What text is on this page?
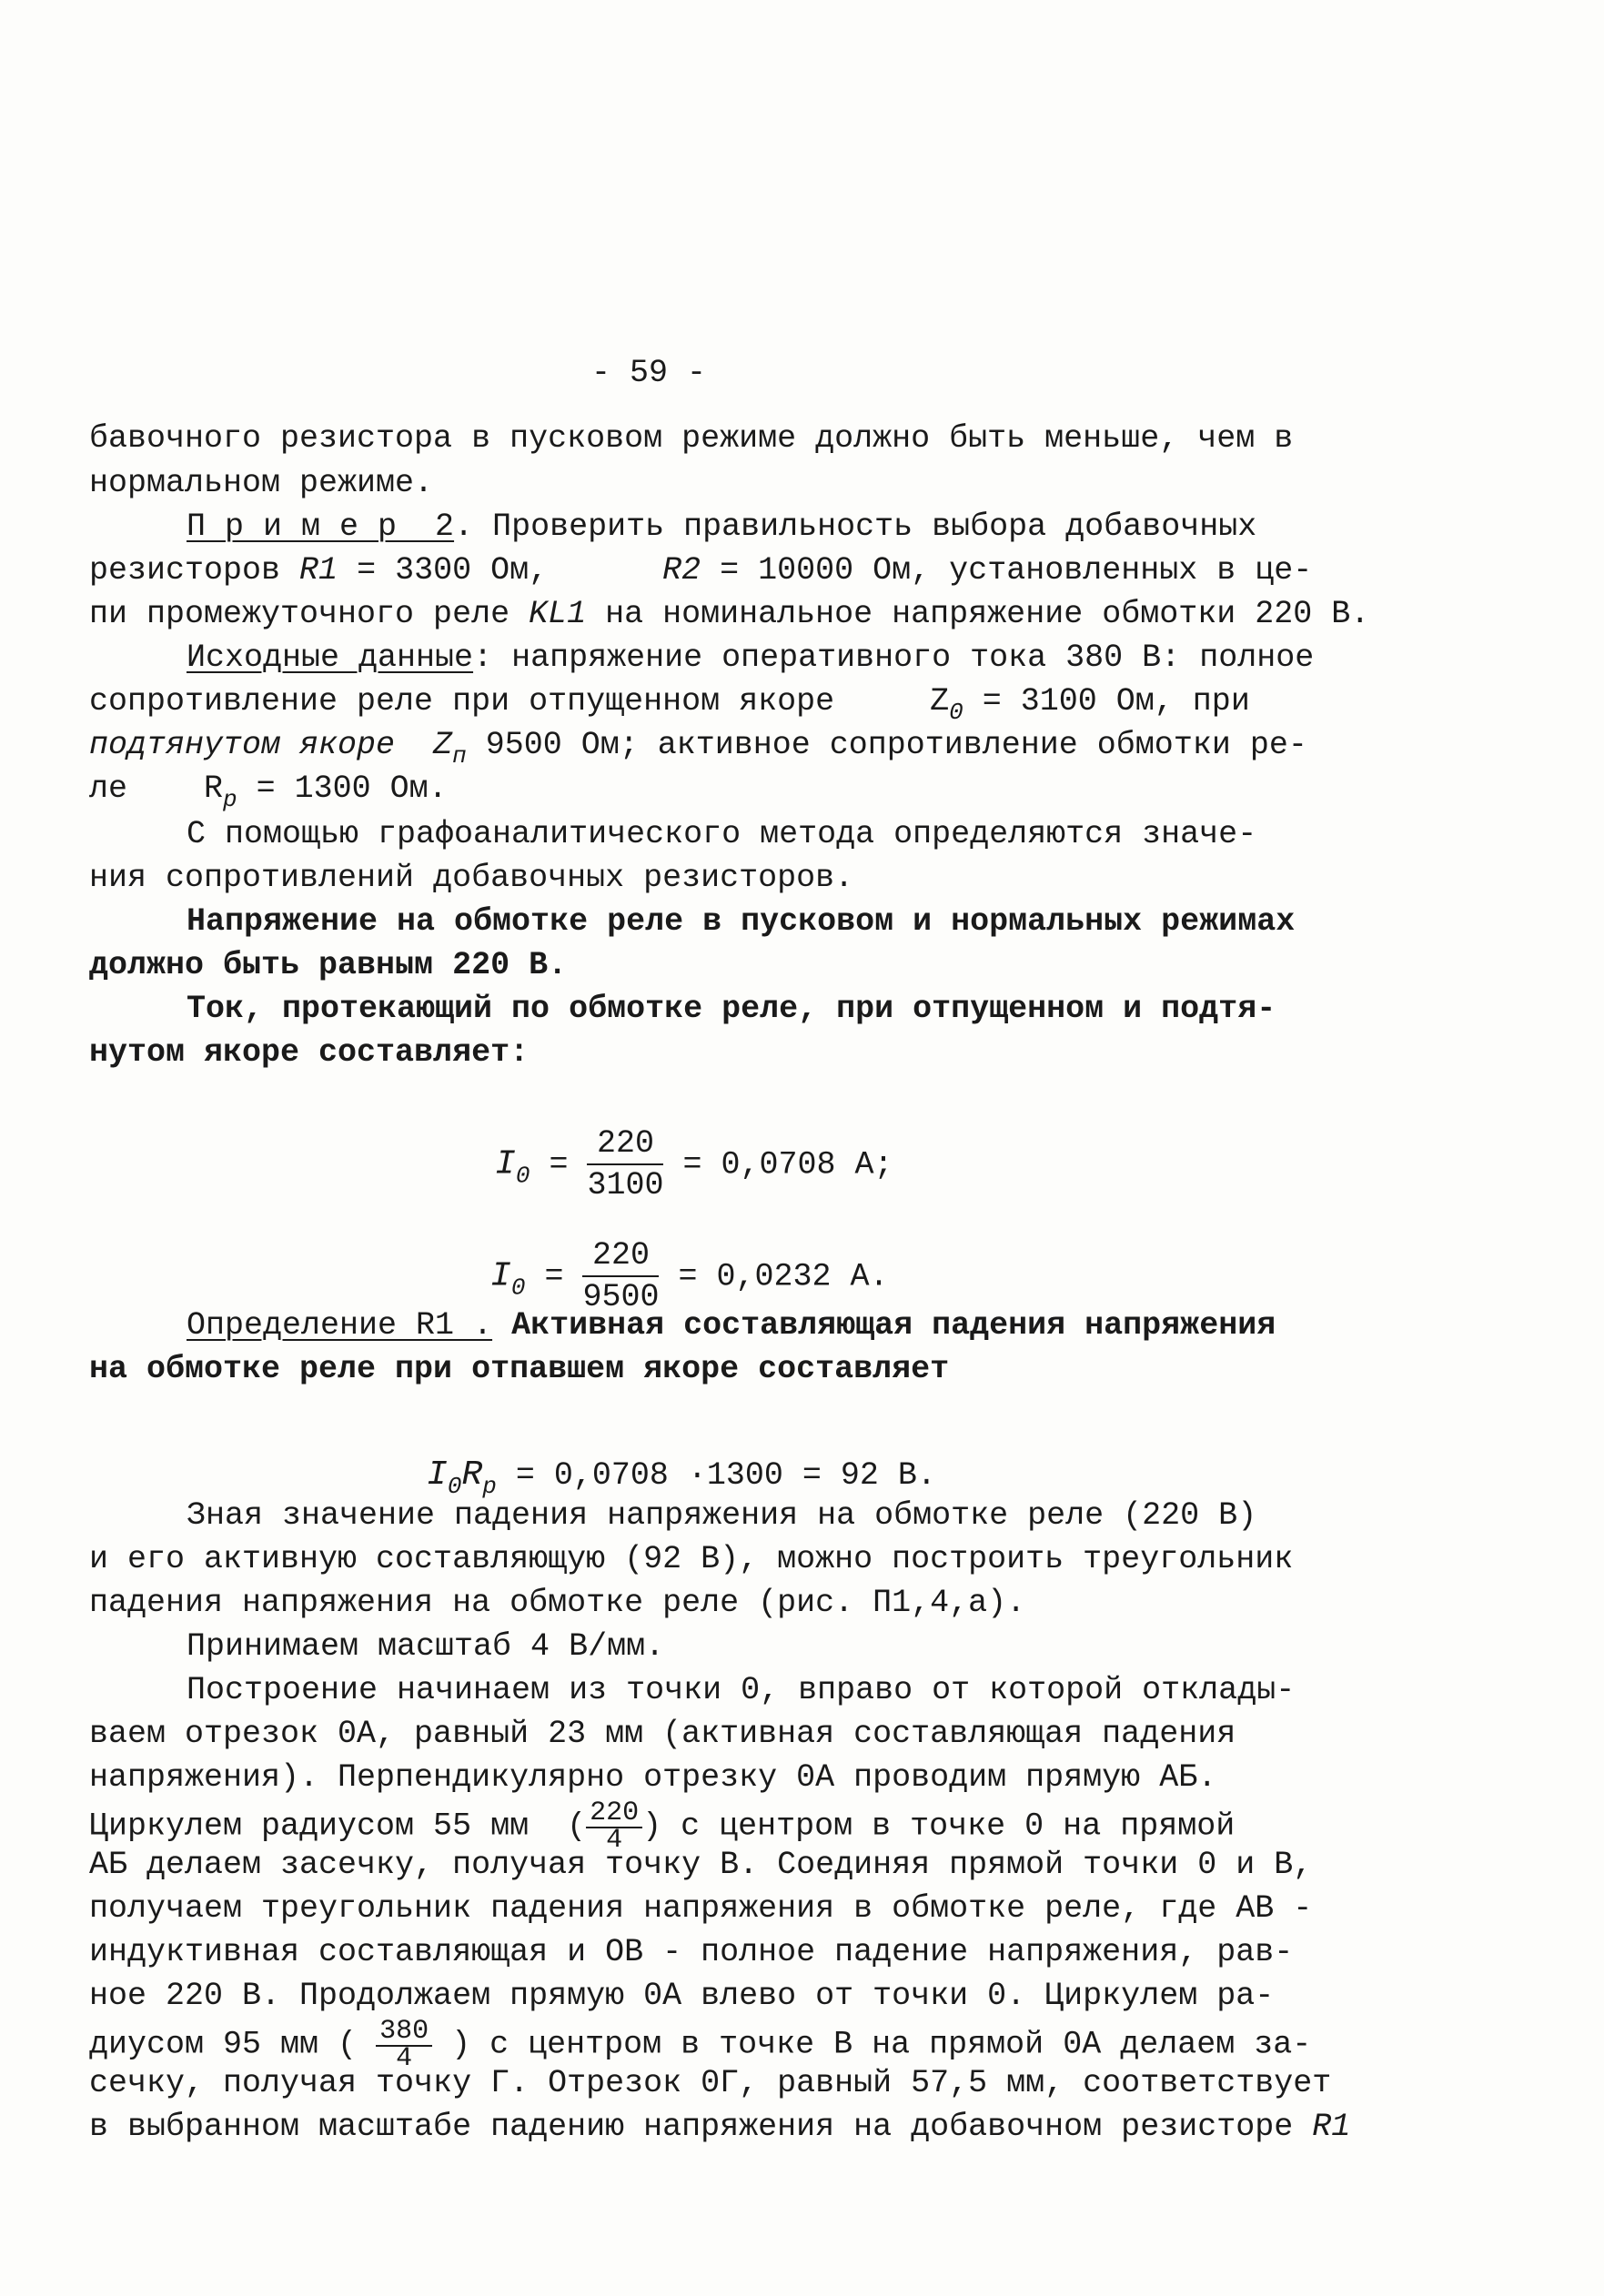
- 59 -
бавочного резистора в пусковом режиме должно быть меньше, чем в
нормальном режиме.
П р и м е р  2. Проверить правильность выбора добавочных
резисторов R1 = 3300 Ом,      R2 = 10000 Ом, установленных в це-
пи промежуточного реле KL1 на номинальное напряжение обмотки 220 В.
Исходные данные: напряжение оперативного тока 380 В: полное
сопротивление реле при отпущенном якоре     $Z_0 = 3100$ Ом, при
подтянутом якоре  $Z_п$ 9500 Ом; активное сопротивление обмотки ре-
ле    $R_р = 1300$ Ом.
С помощью графоаналитического метода определяются значе-
ния сопротивлений добавочных резисторов.
Напряжение на обмотке реле в пусковом и нормальных режимах
должно быть равным 220 В.
Ток, протекающий по обмотке реле, при отпущенном и подтя-
нутом якоре составляет:

$I_0 = \frac{220}{3100} = 0,0708$ А;

$I_0 = \frac{220}{9500} = 0,0232$ А.

Определение R1 . Активная составляющая падения напряжения
на обмотке реле при отпавшем якоре составляет

$I_0R_р = 0,0708 \cdot 1300 = 92$ В.

Зная значение падения напряжения на обмотке реле (220 В)
и его активную составляющую (92 В), можно построить треугольник
падения напряжения на обмотке реле (рис. П1,4,а).
Принимаем масштаб 4 В/мм.
Построение начинаем из точки 0, вправо от которой отклады-
ваем отрезок 0А, равный 23 мм (активная составляющая падения
напряжения). Перпендикулярно отрезку 0А проводим прямую АБ.
Циркулем радиусом 55 мм  ( $\frac{220}{4}$ ) с центром в точке 0 на прямой
АБ делаем засечку, получая точку В. Соединяя прямой точки 0 и В,
получаем треугольник падения напряжения в обмотке реле, где АВ -
индуктивная составляющая и ОВ - полное падение напряжения, рав-
ное 220 В. Продолжаем прямую 0А влево от точки 0. Циркулем ра-
диусом 95 мм ( $\frac{380}{4}$ ) с центром в точке В на прямой 0А делаем за-
сечку, получая точку Г. Отрезок 0Г, равный 57,5 мм, соответствует
в выбранном масштабе падению напряжения на добавочном резисторе R1
